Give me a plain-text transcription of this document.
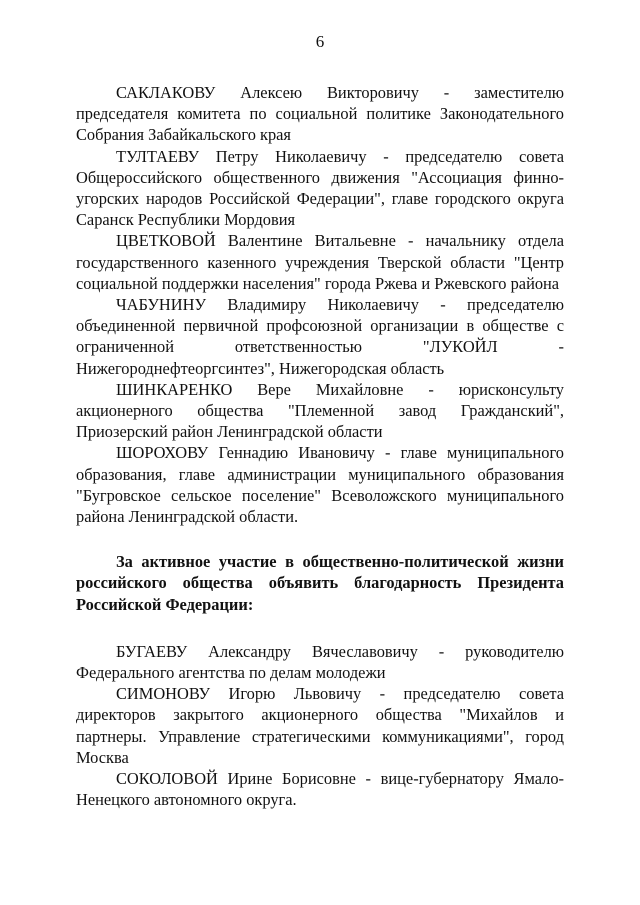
6

САКЛАКОВУ Алексею Викторовичу - заместителю председателя комитета по социальной политике Законодательного Собрания Забайкальского края

ТУЛТАЕВУ Петру Николаевичу - председателю совета Общероссийского общественного движения "Ассоциация финно-угорских народов Российской Федерации", главе городского округа Саранск Республики Мордовия

ЦВЕТКОВОЙ Валентине Витальевне - начальнику отдела государственного казенного учреждения Тверской области "Центр социальной поддержки населения" города Ржева и Ржевского района

ЧАБУНИНУ Владимиру Николаевичу - председателю объединенной первичной профсоюзной организации в обществе с ограниченной ответственностью "ЛУКОЙЛ - Нижегороднефтеоргсинтез", Нижегородская область

ШИНКАРЕНКО Вере Михайловне - юрисконсульту акционерного общества "Племенной завод Гражданский", Приозерский район Ленинградской области

ШОРОХОВУ Геннадию Ивановичу - главе муниципального образования, главе администрации муниципального образования "Бугровское сельское поселение" Всеволожского муниципального района Ленинградской области.

За активное участие в общественно-политической жизни российского общества объявить благодарность Президента Российской Федерации:

БУГАЕВУ Александру Вячеславовичу - руководителю Федерального агентства по делам молодежи

СИМОНОВУ Игорю Львовичу - председателю совета директоров закрытого акционерного общества "Михайлов и партнеры. Управление стратегическими коммуникациями", город Москва

СОКОЛОВОЙ Ирине Борисовне - вице-губернатору Ямало-Ненецкого автономного округа.
